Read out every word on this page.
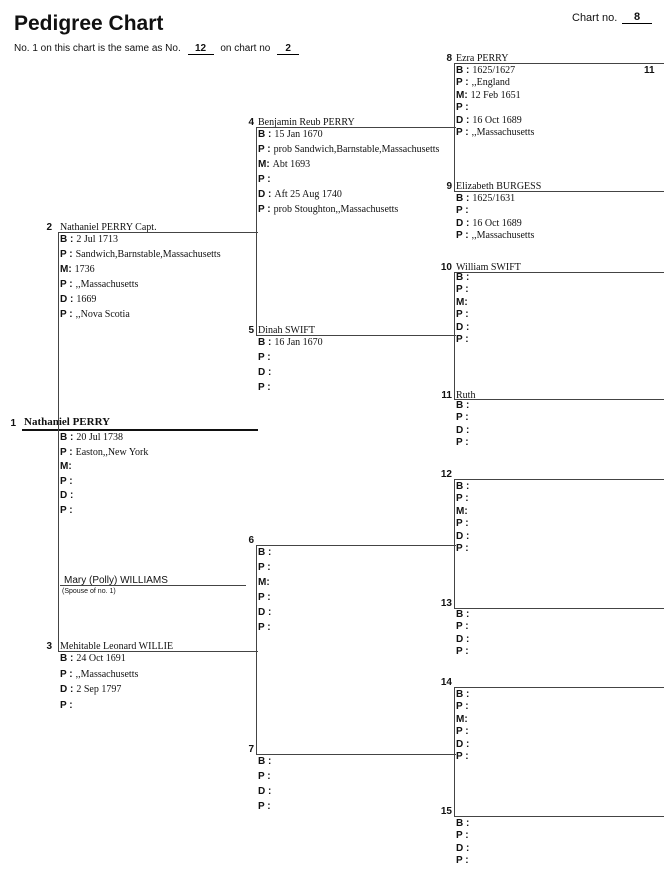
Pedigree Chart	Chart no.	8
No. 1 on this chart is the same as No. 12 on chart no 2
1 Nathaniel PERRY
B : 20 Jul 1738
P : Easton,,New York
M:
P :
D :
P :
2 Nathaniel PERRY Capt.
B : 2 Jul 1713
P : Sandwich,Barnstable,Massachusetts
M: 1736
P : ,,Massachusetts
D : 1669
P : ,,Nova Scotia
3 Mehitable Leonard WILLIE
B : 24 Oct 1691
P : ,,Massachusetts
D : 2 Sep 1797
P :
Mary (Polly) WILLIAMS
(Spouse of no. 1)
4 Benjamin Reub PERRY
B : 15 Jan 1670
P : prob Sandwich,Barnstable,Massachusetts
M: Abt 1693
P :
D : Aft 25 Aug 1740
P : prob Stoughton,,Massachusetts
5 Dinah SWIFT
B : 16 Jan 1670
P :
D :
P :
6
B :
P :
M:
P :
D :
P :
7
B :
P :
D :
P :
8 Ezra PERRY
11
B : 1625/1627
P : ,,England
M: 12 Feb 1651
P :
D : 16 Oct 1689
P : ,,Massachusetts
9 Elizabeth BURGESS
B : 1625/1631
P :
D : 16 Oct 1689
P : ,,Massachusetts
10 William SWIFT
B :
P :
M:
P :
D :
P :
11 Ruth
B :
P :
D :
P :
12
B :
P :
M:
P :
D :
P :
13
B :
P :
D :
P :
14
B :
P :
M:
P :
D :
P :
15
B :
P :
D :
P :
